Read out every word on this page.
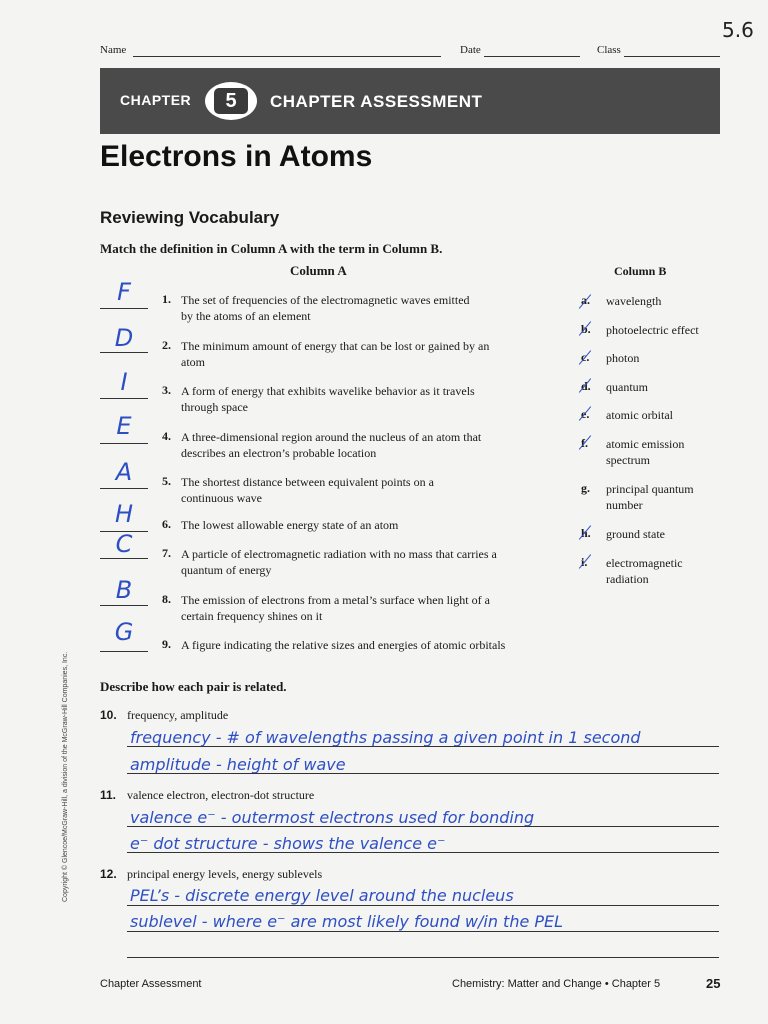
5.6
Name	Date	Class
CHAPTER	5	CHAPTER ASSESSMENT
Electrons in Atoms
Reviewing Vocabulary
Match the definition in Column A with the term in Column B.
Column A	Column B
F	1. The set of frequencies of the electromagnetic waves emitted by the atoms of an element
D	2. The minimum amount of energy that can be lost or gained by an atom
I	3. A form of energy that exhibits wavelike behavior as it travels through space
E	4. A three-dimensional region around the nucleus of an atom that describes an electron’s probable location
A	5. The shortest distance between equivalent points on a continuous wave
H	6. The lowest allowable energy state of an atom
C	7. A particle of electromagnetic radiation with no mass that carries a quantum of energy
B	8. The emission of electrons from a metal’s surface when light of a certain frequency shines on it
G	9. A figure indicating the relative sizes and energies of atomic orbitals
a. wavelength
b. photoelectric effect
c. photon
d. quantum
e. atomic orbital
f. atomic emission spectrum
g. principal quantum number
h. ground state
i. electromagnetic radiation
Describe how each pair is related.
10. frequency, amplitude
frequency - # of wavelengths passing a given point in 1 second
amplitude - height of wave
11. valence electron, electron-dot structure
valence e⁻ - outermost electrons used for bonding
e⁻ dot structure - shows the valence e⁻
12. principal energy levels, energy sublevels
PEL’s - discrete energy level around the nucleus
sublevel - where e⁻ are most likely found w/in the PEL
Copyright © Glencoe/McGraw-Hill, a division of the McGraw-Hill Companies, Inc.
Chapter Assessment	Chemistry: Matter and Change • Chapter 5	25
